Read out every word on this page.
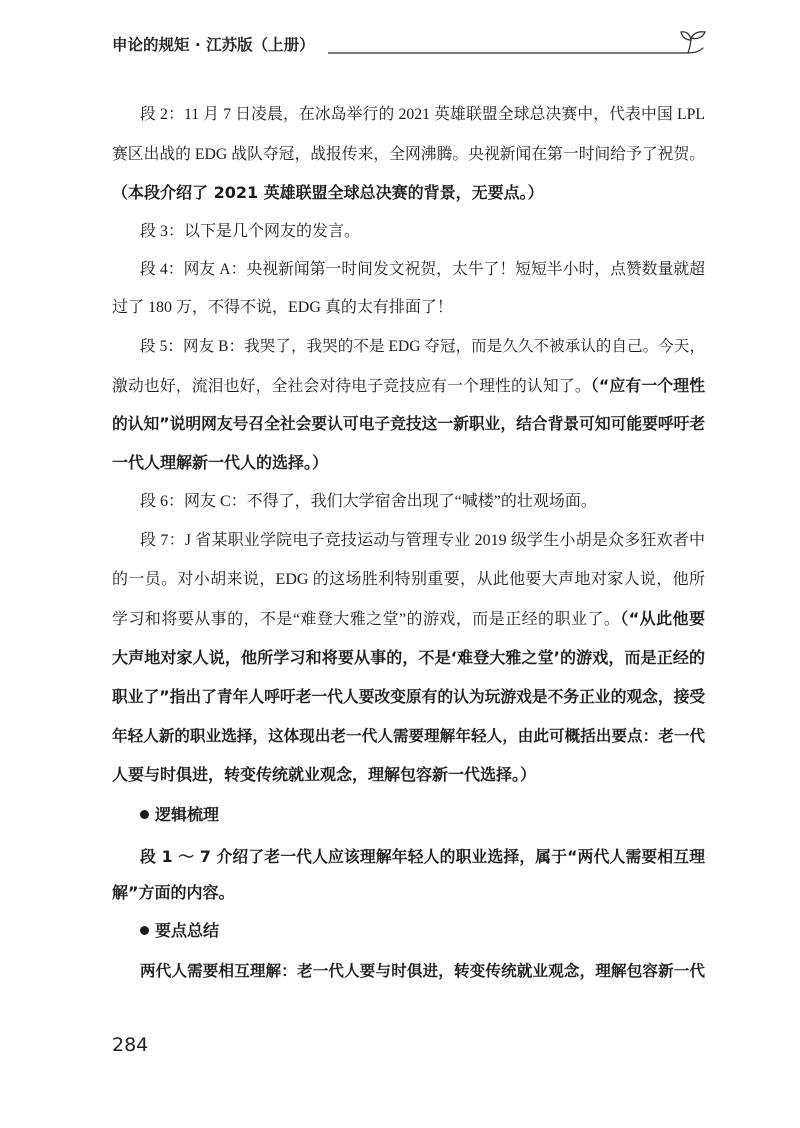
申论的规矩 · 江苏版（上册）
段 2：11 月 7 日凌晨，在冰岛举行的 2021 英雄联盟全球总决赛中，代表中国 LPL
赛区出战的 EDG 战队夺冠，战报传来，全网沸腾。央视新闻在第一时间给予了祝贺。
（本段介绍了 2021 英雄联盟全球总决赛的背景，无要点。）
段 3：以下是几个网友的发言。
段 4：网友 A：央视新闻第一时间发文祝贺，太牛了！短短半小时，点赞数量就超
过了 180 万，不得不说，EDG 真的太有排面了！
段 5：网友 B：我哭了，我哭的不是 EDG 夺冠，而是久久不被承认的自己。今天，
激动也好，流泪也好，全社会对待电子竞技应有一个理性的认知了。（“应有一个理性
的认知”说明网友号召全社会要认可电子竞技这一新职业，结合背景可知可能要呼吁老
一代人理解新一代人的选择。）
段 6：网友 C：不得了，我们大学宿舍出现了“喊楼”的壮观场面。
段 7：J 省某职业学院电子竞技运动与管理专业 2019 级学生小胡是众多狂欢者中
的一员。对小胡来说，EDG 的这场胜利特别重要，从此他要大声地对家人说，他所
学习和将要从事的，不是“难登大雅之堂”的游戏，而是正经的职业了。（“从此他要
大声地对家人说，他所学习和将要从事的，不是‘难登大雅之堂’的游戏，而是正经的
职业了”指出了青年人呼吁老一代人要改变原有的认为玩游戏是不务正业的观念，接受
年轻人新的职业选择，这体现出老一代人需要理解年轻人，由此可概括出要点：老一代
人要与时俱进，转变传统就业观念，理解包容新一代选择。）
逻辑梳理
段 1 ～ 7 介绍了老一代人应该理解年轻人的职业选择，属于“两代人需要相互理
解”方面的内容。
要点总结
两代人需要相互理解：老一代人要与时俱进，转变传统就业观念，理解包容新一代
284
